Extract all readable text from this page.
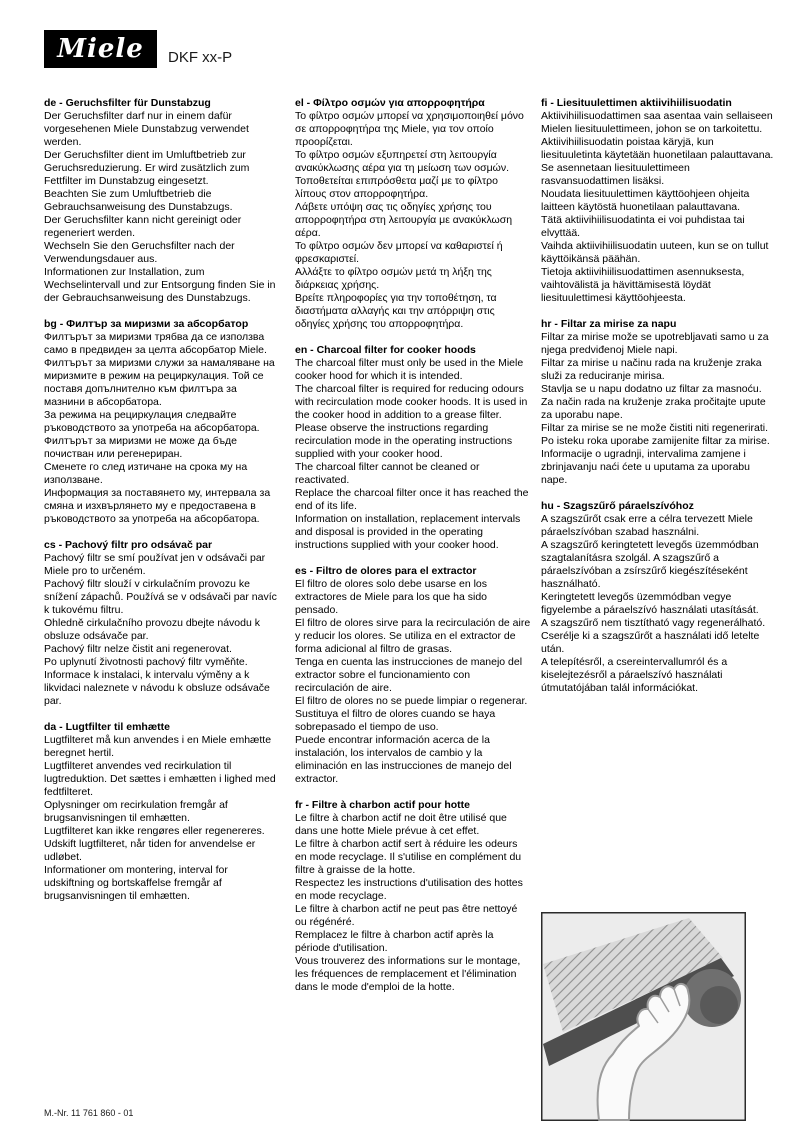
Miele DKF xx-P
de - Geruchsfilter für Dunstabzug

Der Geruchsfilter darf nur in einem dafür vorgesehenen Miele Dunstabzug verwendet werden.

Der Geruchsfilter dient im Umluftbetrieb zur Geruchsreduzierung. Er wird zusätzlich zum Fettfilter im Dunstabzug eingesetzt.

Beachten Sie zum Umluftbetrieb die Gebrauchsanweisung des Dunstabzugs.

Der Geruchsfilter kann nicht gereinigt oder regeneriert werden.

Wechseln Sie den Geruchsfilter nach der Verwendungsdauer aus.

Informationen zur Installation, zum Wechselintervall und zur Entsorgung finden Sie in der Gebrauchsanweisung des Dunstabzugs.

bg - Филтър за миризми за абсорбатор

Филтърът за миризми трябва да се използва само в предвиден за целта абсорбатор Miele.

Филтърът за миризми служи за намаляване на миризмите в режим на рециркулация. Той се поставя допълнително към филтъра за мазнини в абсорбатора.

За режима на рециркулация следвайте ръководството за употреба на абсорбатора.

Филтърът за миризми не може да бъде почистван или регенериран.

Сменете го след изтичане на срока му на използване.

Информация за поставянето му, интервала за смяна и изхвърлянето му е предоставена в ръководството за употреба на абсорбатора.

cs - Pachový filtr pro odsávač par

Pachový filtr se smí používat jen v odsávači par Miele pro to určeném.

Pachový filtr slouží v cirkulačním provozu ke snížení zápachů. Používá se v odsávači par navíc k tukovému filtru.

Ohledně cirkulačního provozu dbejte návodu k obsluze odsávače par.

Pachový filtr nelze čistit ani regenerovat.

Po uplynutí životnosti pachový filtr vyměňte.

Informace k instalaci, k intervalu výměny a k likvidaci naleznete v návodu k obsluze odsávače par.

da - Lugtfilter til emhætte

Lugtfilteret må kun anvendes i en Miele emhætte beregnet hertil.

Lugtfilteret anvendes ved recirkulation til lugtreduktion. Det sættes i emhætten i lighed med fedtfilteret.

Oplysninger om recirkulation fremgår af brugsanvisningen til emhætten.

Lugtfilteret kan ikke rengøres eller regenereres.

Udskift lugtfilteret, når tiden for anvendelse er udløbet.

Informationer om montering, interval for udskiftning og bortskaffelse fremgår af brugsanvisningen til emhætten.

el - Φίλτρο οσμών για απορροφητήρα

Το φίλτρο οσμών μπορεί να χρησιμοποιηθεί μόνο σε απορροφητήρα της Miele, για τον οποίο προορίζεται.

Το φίλτρο οσμών εξυπηρετεί στη λειτουργία ανακύκλωσης αέρα για τη μείωση των οσμών. Τοποθετείται επιπρόσθετα μαζί με το φίλτρο λίπους στον απορροφητήρα.

Λάβετε υπόψη σας τις οδηγίες χρήσης του απορροφητήρα στη λειτουργία με ανακύκλωση αέρα.

Το φίλτρο οσμών δεν μπορεί να καθαριστεί ή φρεσκαριστεί.

Αλλάξτε το φίλτρο οσμών μετά τη λήξη της διάρκειας χρήσης.

Βρείτε πληροφορίες για την τοποθέτηση, τα διαστήματα αλλαγής και την απόρριψη στις οδηγίες χρήσης του απορροφητήρα.

en - Charcoal filter for cooker hoods

The charcoal filter must only be used in the Miele cooker hood for which it is intended.

The charcoal filter is required for reducing odours with recirculation mode cooker hoods. It is used in the cooker hood in addition to a grease filter.

Please observe the instructions regarding recirculation mode in the operating instructions supplied with your cooker hood.

The charcoal filter cannot be cleaned or reactivated.

Replace the charcoal filter once it has reached the end of its life.

Information on installation, replacement intervals and disposal is provided in the operating instructions supplied with your cooker hood.

es - Filtro de olores para el extractor

El filtro de olores solo debe usarse en los extractores de Miele para los que ha sido pensado.

El filtro de olores sirve para la recirculación de aire y reducir los olores. Se utiliza en el extractor de forma adicional al filtro de grasas.

Tenga en cuenta las instrucciones de manejo del extractor sobre el funcionamiento con recirculación de aire.

El filtro de olores no se puede limpiar o regenerar.

Sustituya el filtro de olores cuando se haya sobrepasado el tiempo de uso.

Puede encontrar información acerca de la instalación, los intervalos de cambio y la eliminación en las instrucciones de manejo del extractor.

fr - Filtre à charbon actif pour hotte

Le filtre à charbon actif ne doit être utilisé que dans une hotte Miele prévue à cet effet.

Le filtre à charbon actif sert à réduire les odeurs en mode recyclage. Il s'utilise en complément du filtre à graisse de la hotte.

Respectez les instructions d'utilisation des hottes en mode recyclage.

Le filtre à charbon actif ne peut pas être nettoyé ou régénéré.

Remplacez le filtre à charbon actif après la période d'utilisation.

Vous trouverez des informations sur le montage, les fréquences de remplacement et l'élimination dans le mode d'emploi de la hotte.

fi - Liesituulettimen aktiivihiilisuodatin

Aktiivihiilisuodattimen saa asentaa vain sellaiseen Mielen liesituulettimeen, johon se on tarkoitettu.

Aktiivihiilisuodatin poistaa käryjä, kun liesituuletinta käytetään huonetilaan palauttavana.

Se asennetaan liesituulettimeen rasvansuodattimen lisäksi.

Noudata liesituulettimen käyttöohjeen ohjeita laitteen käytöstä huonetilaan palauttavana.

Tätä aktiivihiilisuodatinta ei voi puhdistaa tai elvyttää.

Vaihda aktiivihiilisuodatin uuteen, kun se on tullut käyttöikänsä päähän.

Tietoja aktiivihiilisuodattimen asennuksesta, vaihtovälistä ja hävittämisestä löydät liesituulettimesi käyttöohjeesta.

hr - Filtar za mirise za napu

Filtar za mirise može se upotrebljavati samo u za njega predviđenoj Miele napi.

Filtar za mirise u načinu rada na kruženje zraka služi za reduciranje mirisa.

Stavlja se u napu dodatno uz filtar za masnoću.

Za način rada na kruženje zraka pročitajte upute za uporabu nape.

Filtar za mirise se ne može čistiti niti regenerirati.

Po isteku roka uporabe zamijenite filtar za mirise.

Informacije o ugradnji, intervalima zamjene i zbrinjavanju naći ćete u uputama za uporabu nape.

hu - Szagszűrő páraelszívóhoz

A szagszűrőt csak erre a célra tervezett Miele páraelszívóban szabad használni.

A szagszűrő keringtetett levegős üzemmódban szagtalanításra szolgál. A szagszűrő a páraelszívóban a zsírszűrő kiegészítéseként használható.

Keringtetett levegős üzemmódban vegye figyelembe a páraelszívó használati utasítását.

A szagszűrő nem tisztítható vagy regenerálható.

Cserélje ki a szagszűrőt a használati idő letelte után.

A telepítésről, a csereintervallumról és a kiselejtezésről a páraelszívó használati útmutatójában talál információkat.

M.-Nr. 11 761 860 - 01
